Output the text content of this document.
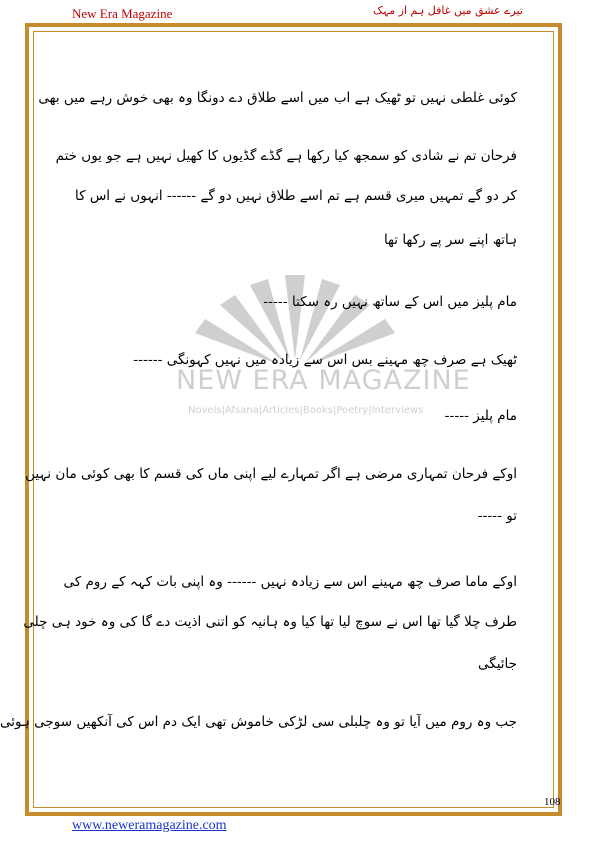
New Era Magazine	تیرے عشق میں غافل ہم از مہک
NEW ERA MAGAZINE
Novels|Afsana|Articles|Books|Poetry|Interviews
کوئی غلطی نہیں تو ٹھیک ہے اب میں اسے طلاق دے دونگا وہ بھی خوش رہے میں بھی
فرحان تم نے شادی کو سمجھ کیا رکھا ہے گڈے گڈیوں کا کھیل نہیں ہے جو یوں ختم
کر دو گے تمہیں میری قسم ہے تم اسے طلاق نہیں دو گے ------ انہوں نے اس کا
ہاتھ اپنے سر پے رکھا تھا
مام پلیز میں اس کے ساتھ نہیں رہ سکتا -----
ٹھیک ہے صرف چھ مہینے بس اس سے زیادہ میں نہیں کہونگی ------
مام پلیز -----
اوکے فرحان تمہاری مرضی ہے اگر تمہارے لیے اپنی ماں کی قسم کا بھی کوئی مان نہیں
تو -----
اوکے ماما صرف چھ مہینے اس سے زیادہ نہیں ------ وہ اپنی بات کہہ کے روم کی
طرف چلا گیا تھا اس نے سوچ لیا تھا کیا وہ ہانیہ کو اتنی اذیت دے گا کی وہ خود ہی چلی
جائیگی
جب وہ روم میں آیا تو وہ چلبلی سی لڑکی خاموش تھی ایک دم اس کی آنکھیں سوجی ہوئی
108
www.neweramagazine.com
